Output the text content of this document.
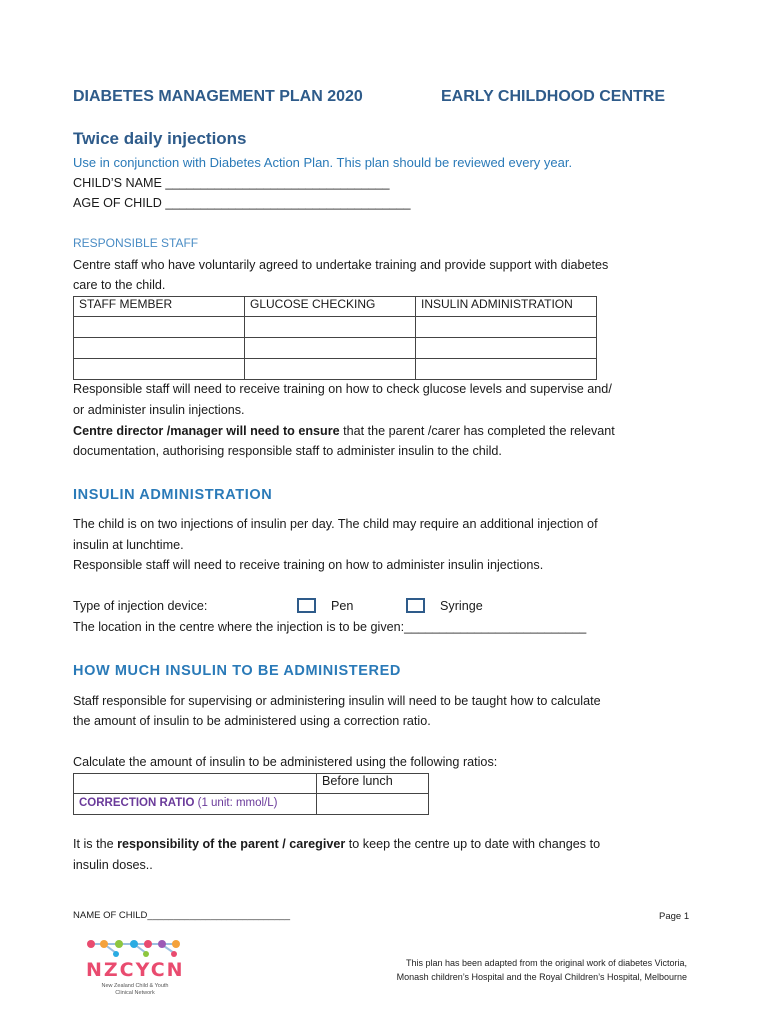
DIABETES MANAGEMENT PLAN 2020	EARLY CHILDHOOD CENTRE
Twice daily injections
Use in conjunction with Diabetes Action Plan. This plan should be reviewed every year.
CHILD’S NAME ________________________________
AGE OF CHILD ___________________________________
RESPONSIBLE STAFF
Centre staff who have voluntarily agreed to undertake training and provide support with diabetes
care to the child.
STAFF MEMBER	GLUCOSE CHECKING	INSULIN ADMINISTRATION

Responsible staff will need to receive training on how to check glucose levels and supervise and/
or administer insulin injections.
Centre director /manager will need to ensure that the parent /carer has completed the relevant
documentation, authorising responsible staff to administer insulin to the child.
INSULIN ADMINISTRATION
The child is on two injections of insulin per day. The child may require an additional injection of
insulin at lunchtime.
Responsible staff will need to receive training on how to administer insulin injections.
Type of injection device:	Pen	Syringe
The location in the centre where the injection is to be given:__________________________
HOW MUCH INSULIN TO BE ADMINISTERED
Staff responsible for supervising or administering insulin will need to be taught how to calculate
the amount of insulin to be administered using a correction ratio.
Calculate the amount of insulin to be administered using the following ratios:
	Before lunch
CORRECTION RATIO (1 unit: mmol/L)	
It is the responsibility of the parent / caregiver to keep the centre up to date with changes to
insulin doses..
NAME OF CHILD___________________________	Page 1
NZCYCN
New Zealand Child & Youth
Clinical Network
This plan has been adapted from the original work of diabetes Victoria,
Monash children’s Hospital and the Royal Children’s Hospital, Melbourne
